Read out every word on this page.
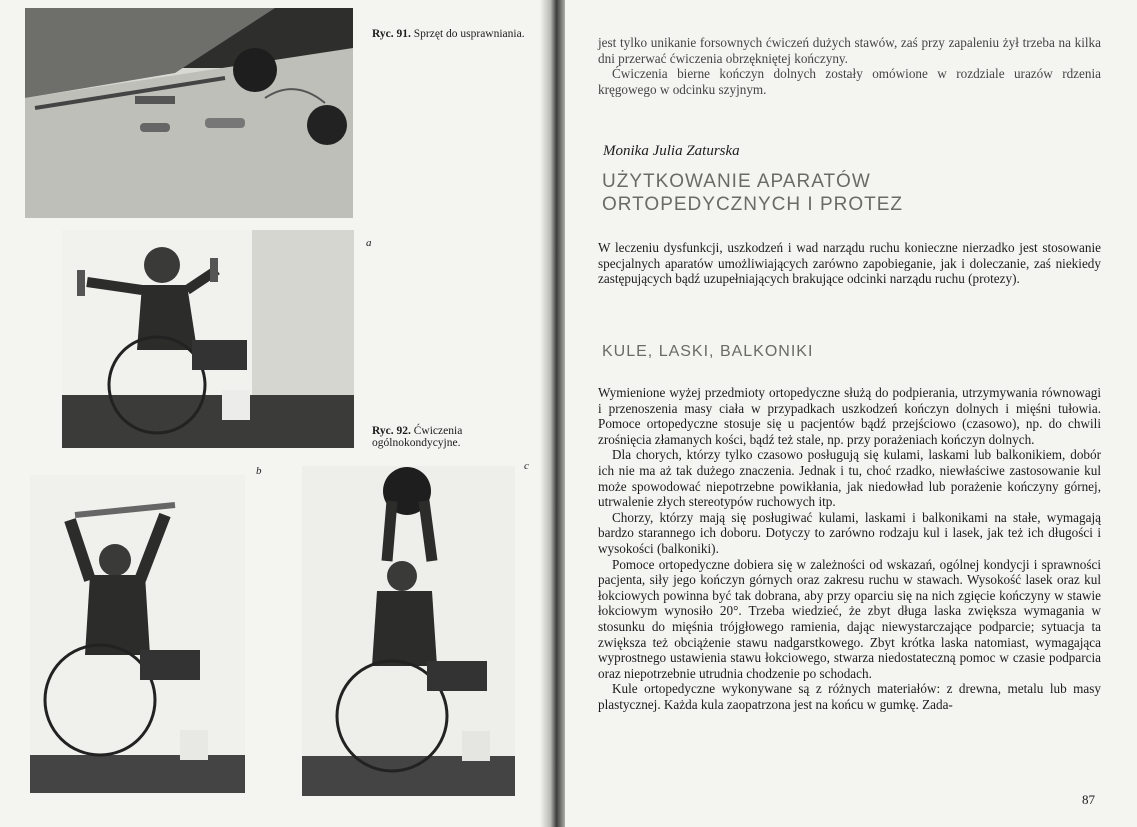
Ryc. 91. Sprzęt do usprawniania.
a
Ryc. 92. Ćwiczenia ogólnokondycyjne.
b	c

jest tylko unikanie forsownych ćwiczeń dużych stawów, zaś przy zapaleniu żył trzeba na kilka dni przerwać ćwiczenia obrzękniętej kończyny.

Ćwiczenia bierne kończyn dolnych zostały omówione w rozdziale urazów rdzenia kręgowego w odcinku szyjnym.

Monika Julia Zaturska
UŻYTKOWANIE APARATÓW ORTOPEDYCZNYCH I PROTEZ

W leczeniu dysfunkcji, uszkodzeń i wad narządu ruchu konieczne nierzadko jest stosowanie specjalnych aparatów umożliwiających zarówno zapobieganie, jak i doleczanie, zaś niekiedy zastępujących bądź uzupełniających brakujące odcinki narządu ruchu (protezy).

KULE, LASKI, BALKONIKI

Wymienione wyżej przedmioty ortopedyczne służą do podpierania, utrzymywania równowagi i przenoszenia masy ciała w przypadkach uszkodzeń kończyn dolnych i mięśni tułowia. Pomoce ortopedyczne stosuje się u pacjentów bądź przejściowo (czasowo), np. do chwili zrośnięcia złamanych kości, bądź też stale, np. przy porażeniach kończyn dolnych.

Dla chorych, którzy tylko czasowo posługują się kulami, laskami lub balkonikiem, dobór ich nie ma aż tak dużego znaczenia. Jednak i tu, choć rzadko, niewłaściwe zastosowanie kul może spowodować niepotrzebne powikłania, jak niedowład lub porażenie kończyny górnej, utrwalenie złych stereotypów ruchowych itp.

Chorzy, którzy mają się posługiwać kulami, laskami i balkonikami na stałe, wymagają bardzo starannego ich doboru. Dotyczy to zarówno rodzaju kul i lasek, jak też ich długości i wysokości (balkoniki).

Pomoce ortopedyczne dobiera się w zależności od wskazań, ogólnej kondycji i sprawności pacjenta, siły jego kończyn górnych oraz zakresu ruchu w stawach. Wysokość lasek oraz kul łokciowych powinna być tak dobrana, aby przy oparciu się na nich zgięcie kończyny w stawie łokciowym wynosiło 20°. Trzeba wiedzieć, że zbyt długa laska zwiększa wymagania w stosunku do mięśnia trójgłowego ramienia, dając niewystarczające podparcie; sytuacja ta zwiększa też obciążenie stawu nadgarstkowego. Zbyt krótka laska natomiast, wymagająca wyprostnego ustawienia stawu łokciowego, stwarza niedostateczną pomoc w czasie podparcia oraz niepotrzebnie utrudnia chodzenie po schodach.

Kule ortopedyczne wykonywane są z różnych materiałów: z drewna, metalu lub masy plastycznej. Każda kula zaopatrzona jest na końcu w gumkę. Zada-

87
